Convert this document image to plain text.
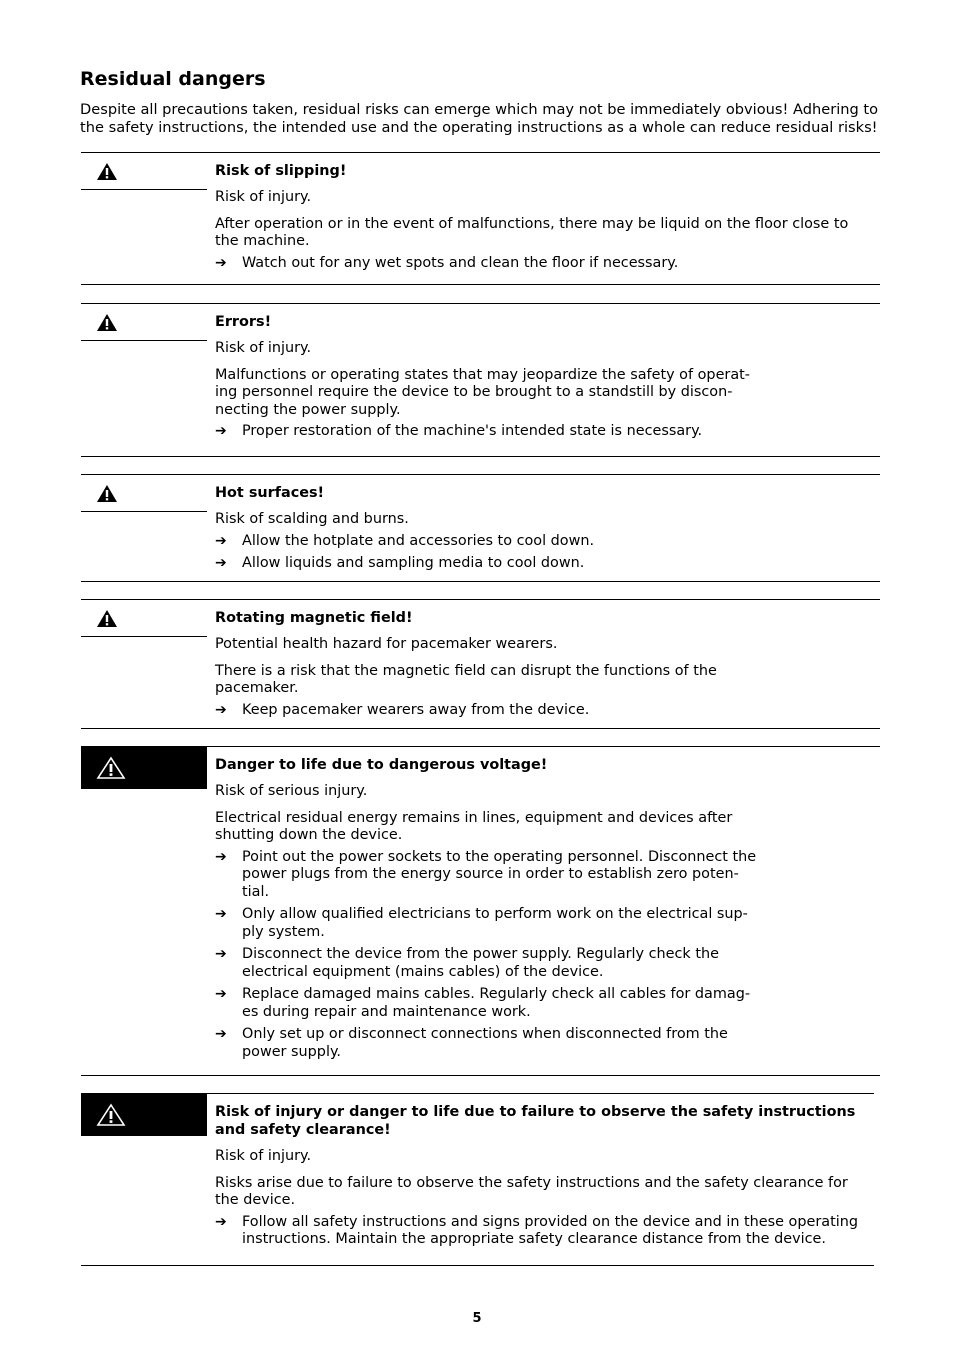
Residual dangers

Despite all precautions taken, residual risks can emerge which may not be immediately obvious! Adhering to the safety instructions, the intended use and the operating instructions as a whole can reduce residual risks!

Risk of slipping!

Risk of injury.

After operation or in the event of malfunctions, there may be liquid on the floor close to the machine.

➔ Watch out for any wet spots and clean the floor if necessary.

Errors!

Risk of injury.

Malfunctions or operating states that may jeopardize the safety of operat-ing personnel require the device to be brought to a standstill by discon-necting the power supply.

➔ Proper restoration of the machine's intended state is necessary.

Hot surfaces!

Risk of scalding and burns.

➔ Allow the hotplate and accessories to cool down.
➔ Allow liquids and sampling media to cool down.

Rotating magnetic field!

Potential health hazard for pacemaker wearers.

There is a risk that the magnetic field can disrupt the functions of the pacemaker.

➔ Keep pacemaker wearers away from the device.

Danger to life due to dangerous voltage!

Risk of serious injury.

Electrical residual energy remains in lines, equipment and devices after shutting down the device.

➔ Point out the power sockets to the operating personnel. Disconnect the power plugs from the energy source in order to establish zero poten-tial.
➔ Only allow qualified electricians to perform work on the electrical sup-ply system.
➔ Disconnect the device from the power supply. Regularly check the electrical equipment (mains cables) of the device.
➔ Replace damaged mains cables. Regularly check all cables for damag-es during repair and maintenance work.
➔ Only set up or disconnect connections when disconnected from the power supply.

Risk of injury or danger to life due to failure to observe the safety instructions and safety clearance!

Risk of injury.

Risks arise due to failure to observe the safety instructions and the safety clearance for the device.

➔ Follow all safety instructions and signs provided on the device and in these operating instructions. Maintain the appropriate safety clearance distance from the device.

5
